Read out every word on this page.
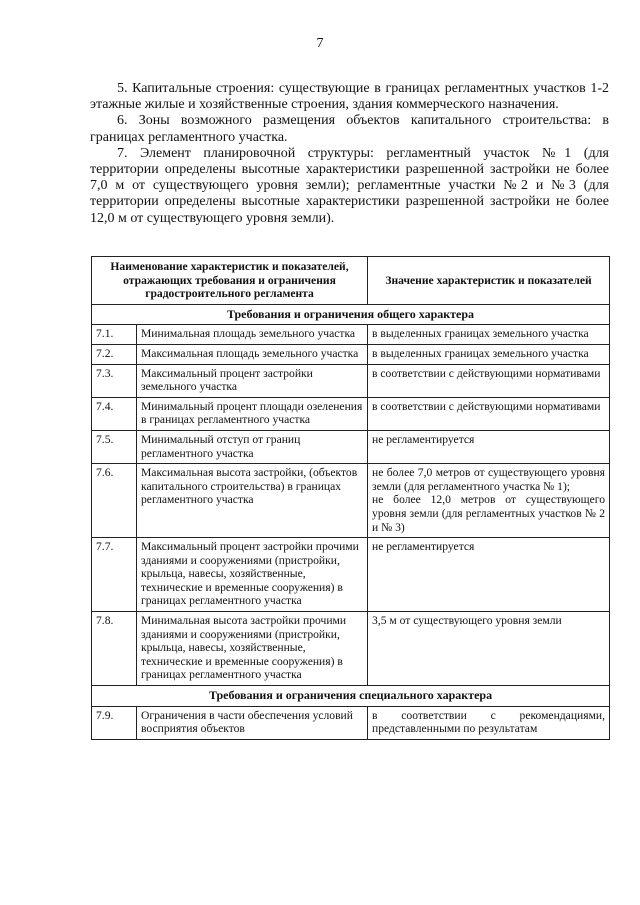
7

5. Капитальные строения: существующие в границах регламентных участков 1-2 этажные жилые и хозяйственные строения, здания коммерческого назначения.

6. Зоны возможного размещения объектов капитального строительства: в границах регламентного участка.

7. Элемент планировочной структуры: регламентный участок №1 (для территории определены высотные характеристики разрешенной застройки не более 7,0 м от существующего уровня земли); регламентные участки №2 и №3 (для территории определены высотные характеристики разрешенной застройки не более 12,0 м от существующего уровня земли).

Наименование характеристик и показателей, отражающих требования и ограничения градостроительного регламента		Значение характеристик и показателей
Требования и ограничения общего характера		
7.1.	Минимальная площадь земельного участка	в выделенных границах земельного участка

7.2.	Максимальная площадь земельного участка	в выделенных границах земельного участка

7.3.	Максимальный процент застройки земельного участка	в соответствии с действующими нормативами

7.4.	Минимальный процент площади озеленения в границах регламентного участка	в соответствии с действующими нормативами

7.5.	Минимальный отступ от границ регламентного участка	не регламентируется

7.6.	Максимальная высота застройки, (объектов капитального строительства) в границах регламентного участка	не более 7,0 метров от существующего уровня земли (для регламентного участка № 1);
не более 12,0 метров от существующего уровня земли (для регламентных участков № 2 и № 3)

7.7.	Максимальный процент застройки прочими зданиями и сооружениями (пристройки, крыльца, навесы, хозяйственные, технические и временные сооружения) в границах регламентного участка	не регламентируется

7.8.	Минимальная высота застройки прочими зданиями и сооружениями (пристройки, крыльца, навесы, хозяйственные, технические и временные сооружения) в границах регламентного участка	3,5 м от существующего уровня земли

Требования и ограничения специального характера		
7.9.	Ограничения в части обеспечения условий восприятия объектов	в соответствии с рекомендациями, представленными по результатам
